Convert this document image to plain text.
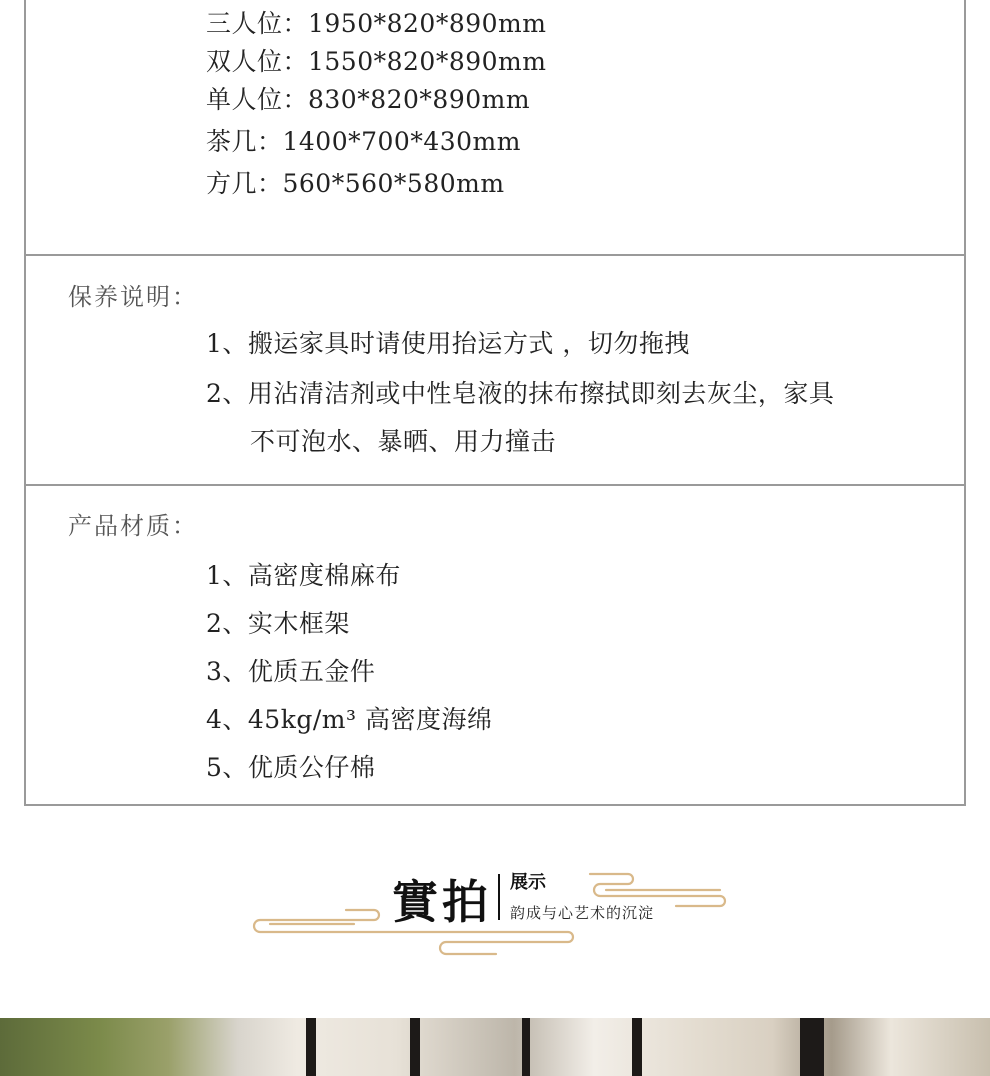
三人位：1950*820*890mm
双人位：1550*820*890mm
单人位：830*820*890mm
茶几：1400*700*430mm
方几：560*560*580mm
保养说明：
1、搬运家具时请使用抬运方式 ，切勿拖拽
2、用沾清洁剂或中性皂液的抹布擦拭即刻去灰尘，家具
不可泡水、暴晒、用力撞击
产品材质：
1、高密度棉麻布
2、实木框架
3、优质五金件
4、45kg/m³ 高密度海绵
5、优质公仔棉
實拍 展示
韵成与心艺术的沉淀
